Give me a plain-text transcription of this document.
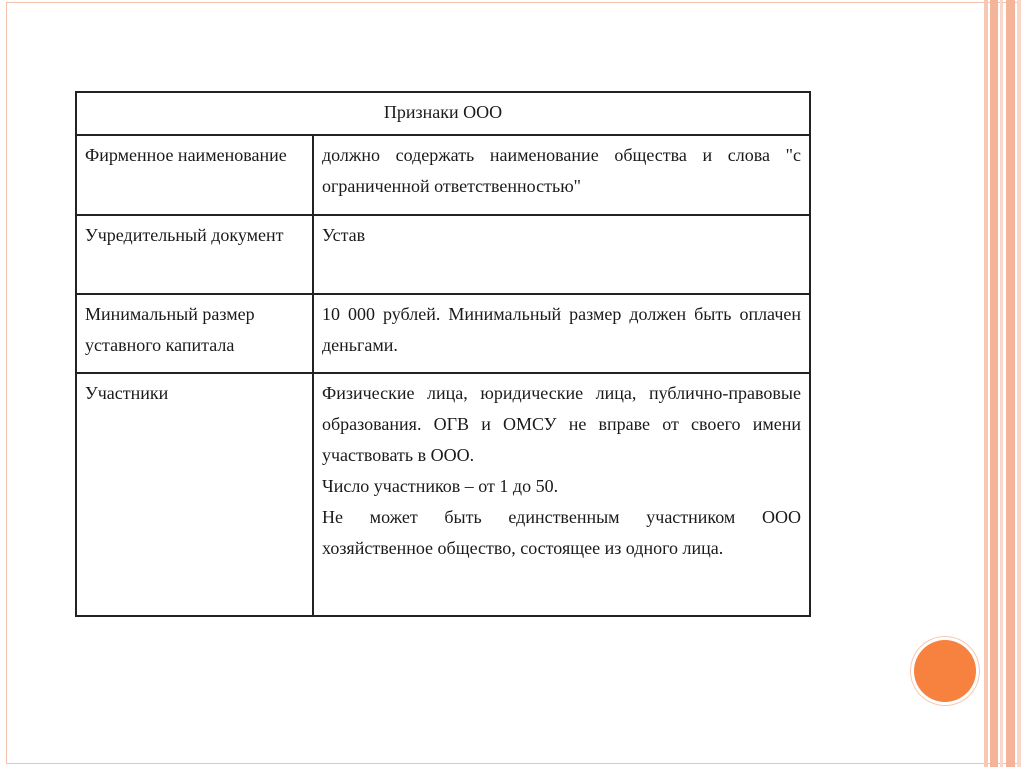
Признаки ООО	
Фирменное наименование	должно содержать наименование общества и слова "с ограниченной ответственностью"
Учредительный документ	Устав
Минимальный размер уставного капитала	10 000 рублей. Минимальный размер должен быть оплачен деньгами.
Участники	Физические лица, юридические лица, публично-правовые образования. ОГВ и ОМСУ не вправе от своего имени участвовать в ООО.
Число участников – от 1 до 50.
Не может быть единственным участником ООО хозяйственное общество, состоящее из одного лица.
